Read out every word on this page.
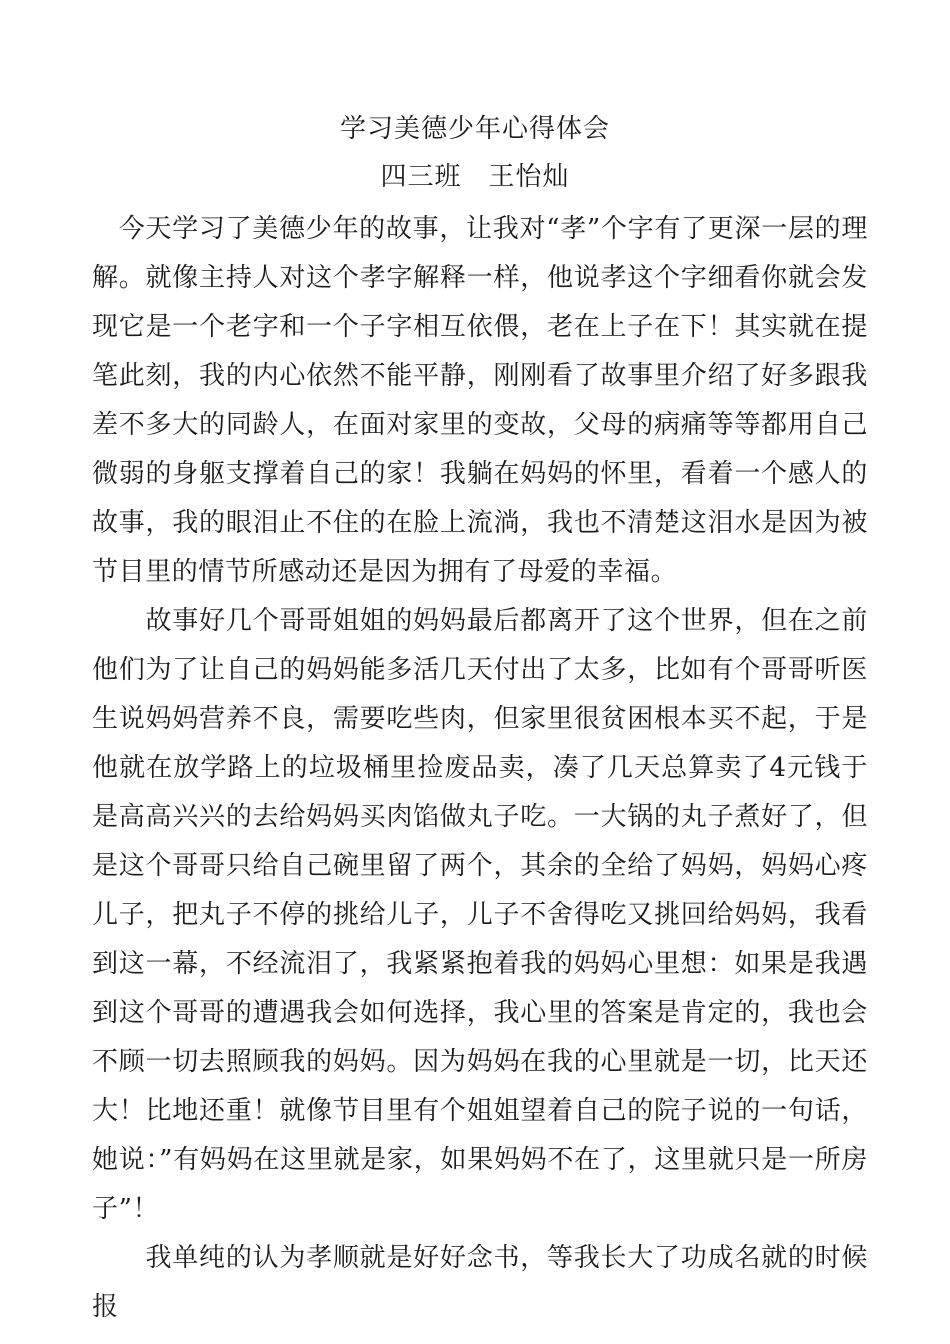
学习美德少年心得体会
四三班　王怡灿

　今天学习了美德少年的故事，让我对“孝”个字有了更深一层的理解。就像主持人对这个孝字解释一样，他说孝这个字细看你就会发现它是一个老字和一个子字相互依偎，老在上子在下！其实就在提笔此刻，我的内心依然不能平静，刚刚看了故事里介绍了好多跟我差不多大的同龄人，在面对家里的变故，父母的病痛等等都用自己微弱的身躯支撑着自己的家！我躺在妈妈的怀里，看着一个感人的故事，我的眼泪止不住的在脸上流淌，我也不清楚这泪水是因为被节目里的情节所感动还是因为拥有了母爱的幸福。

　　故事好几个哥哥姐姐的妈妈最后都离开了这个世界，但在之前他们为了让自己的妈妈能多活几天付出了太多，比如有个哥哥听医生说妈妈营养不良，需要吃些肉，但家里很贫困根本买不起，于是他就在放学路上的垃圾桶里捡废品卖，凑了几天总算卖了4元钱于是高高兴兴的去给妈妈买肉馅做丸子吃。一大锅的丸子煮好了，但是这个哥哥只给自己碗里留了两个，其余的全给了妈妈，妈妈心疼儿子，把丸子不停的挑给儿子，儿子不舍得吃又挑回给妈妈，我看到这一幕，不经流泪了，我紧紧抱着我的妈妈心里想：如果是我遇到这个哥哥的遭遇我会如何选择，我心里的答案是肯定的，我也会不顾一切去照顾我的妈妈。因为妈妈在我的心里就是一切，比天还大！比地还重！就像节目里有个姐姐望着自己的院子说的一句话，她说：”有妈妈在这里就是家，如果妈妈不在了，这里就只是一所房子”！

　　我单纯的认为孝顺就是好好念书，等我长大了功成名就的时候报
